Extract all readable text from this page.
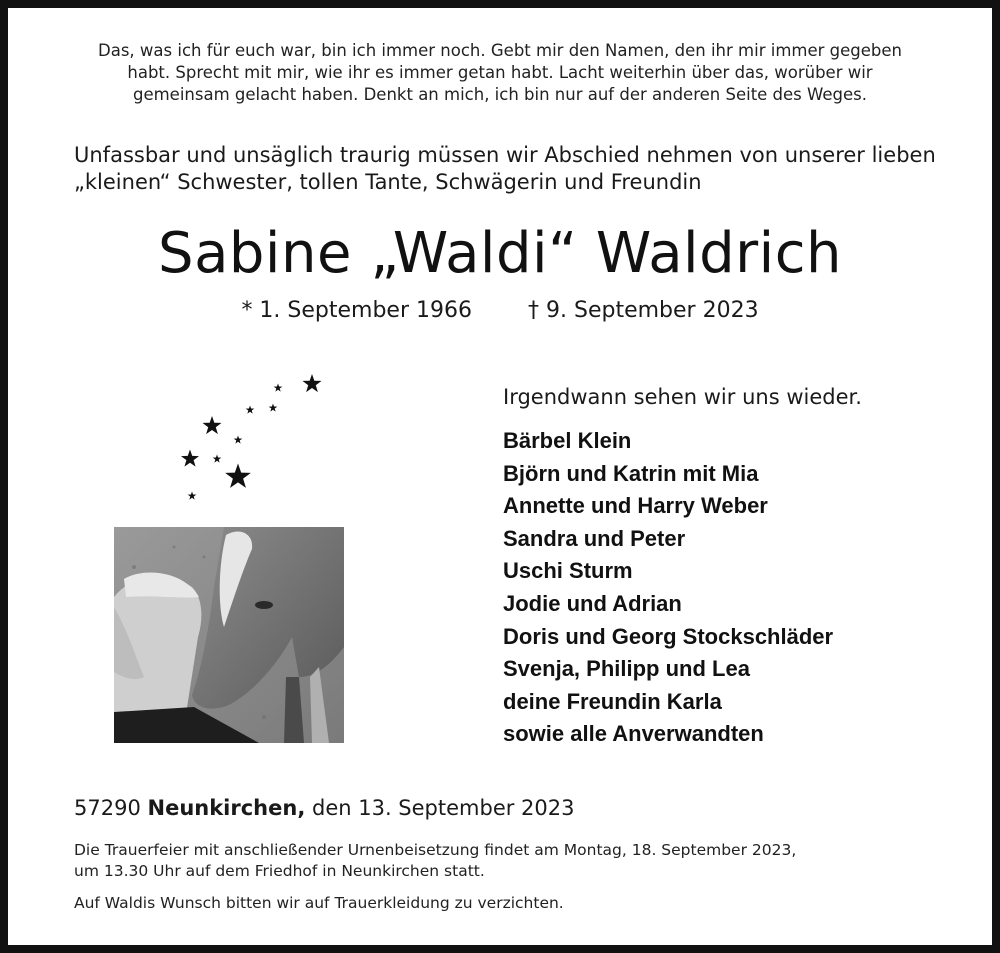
Das, was ich für euch war, bin ich immer noch. Gebt mir den Namen, den ihr mir immer gegeben
habt. Sprecht mit mir, wie ihr es immer getan habt. Lacht weiterhin über das, worüber wir
gemeinsam gelacht haben. Denkt an mich, ich bin nur auf der anderen Seite des Weges.
Unfassbar und unsäglich traurig müssen wir Abschied nehmen von unserer lieben
„kleinen“ Schwester, tollen Tante, Schwägerin und Freundin
Sabine „Waldi“ Waldrich
* 1. September 1966	† 9. September 2023
Irgendwann sehen wir uns wieder.
Bärbel Klein
Björn und Katrin mit Mia
Annette und Harry Weber
Sandra und Peter
Uschi Sturm
Jodie und Adrian
Doris und Georg Stockschläder
Svenja, Philipp und Lea
deine Freundin Karla
sowie alle Anverwandten
57290 Neunkirchen, den 13. September 2023
Die Trauerfeier mit anschließender Urnenbeisetzung findet am Montag, 18. September 2023,
um 13.30 Uhr auf dem Friedhof in Neunkirchen statt.
Auf Waldis Wunsch bitten wir auf Trauerkleidung zu verzichten.
